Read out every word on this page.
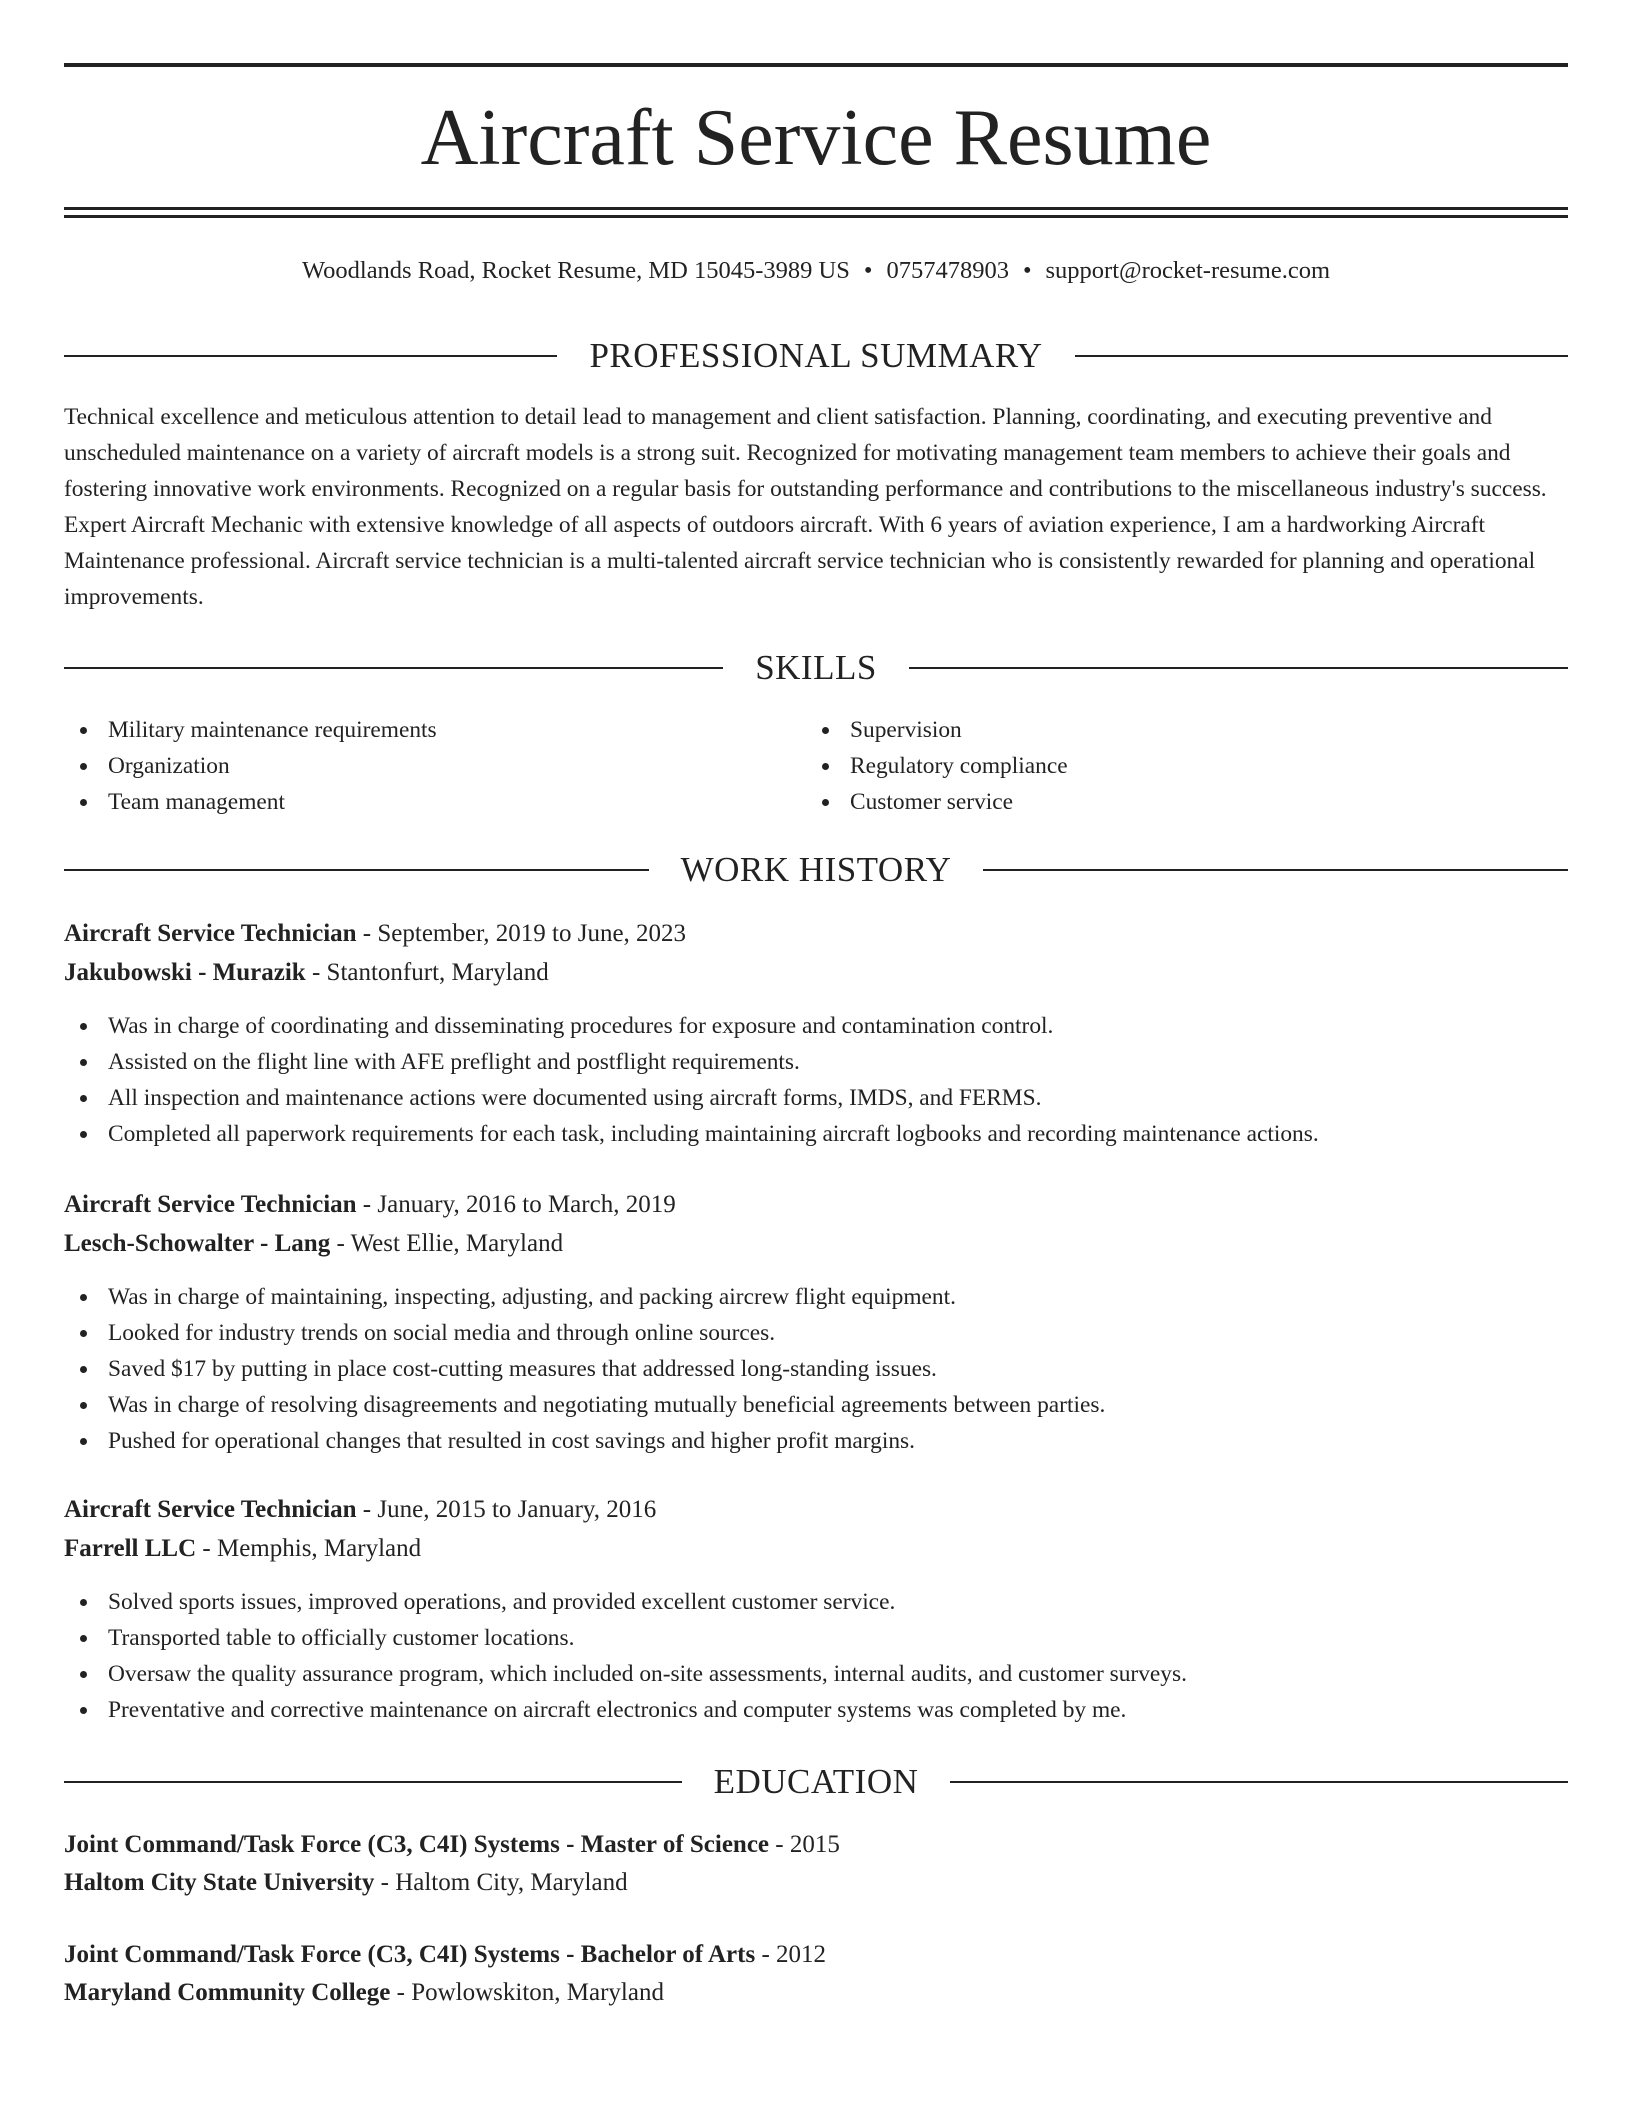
Aircraft Service Resume
Woodlands Road, Rocket Resume, MD 15045-3989 US • 0757478903 • support@rocket-resume.com
PROFESSIONAL SUMMARY

Technical excellence and meticulous attention to detail lead to management and client satisfaction. Planning, coordinating, and executing preventive and unscheduled maintenance on a variety of aircraft models is a strong suit. Recognized for motivating management team members to achieve their goals and fostering innovative work environments. Recognized on a regular basis for outstanding performance and contributions to the miscellaneous industry's success. Expert Aircraft Mechanic with extensive knowledge of all aspects of outdoors aircraft. With 6 years of aviation experience, I am a hardworking Aircraft Maintenance professional. Aircraft service technician is a multi-talented aircraft service technician who is consistently rewarded for planning and operational improvements.

SKILLS
Military maintenance requirements
Organization
Team management
Supervision
Regulatory compliance
Customer service
WORK HISTORY
Aircraft Service Technician - September, 2019 to June, 2023
Jakubowski - Murazik - Stantonfurt, Maryland
Was in charge of coordinating and disseminating procedures for exposure and contamination control.
Assisted on the flight line with AFE preflight and postflight requirements.
All inspection and maintenance actions were documented using aircraft forms, IMDS, and FERMS.
Completed all paperwork requirements for each task, including maintaining aircraft logbooks and recording maintenance actions.
Aircraft Service Technician - January, 2016 to March, 2019
Lesch-Schowalter - Lang - West Ellie, Maryland
Was in charge of maintaining, inspecting, adjusting, and packing aircrew flight equipment.
Looked for industry trends on social media and through online sources.
Saved $17 by putting in place cost-cutting measures that addressed long-standing issues.
Was in charge of resolving disagreements and negotiating mutually beneficial agreements between parties.
Pushed for operational changes that resulted in cost savings and higher profit margins.
Aircraft Service Technician - June, 2015 to January, 2016
Farrell LLC - Memphis, Maryland
Solved sports issues, improved operations, and provided excellent customer service.
Transported table to officially customer locations.
Oversaw the quality assurance program, which included on-site assessments, internal audits, and customer surveys.
Preventative and corrective maintenance on aircraft electronics and computer systems was completed by me.
EDUCATION
Joint Command/Task Force (C3, C4I) Systems - Master of Science - 2015
Haltom City State University - Haltom City, Maryland
Joint Command/Task Force (C3, C4I) Systems - Bachelor of Arts - 2012
Maryland Community College - Powlowskiton, Maryland
